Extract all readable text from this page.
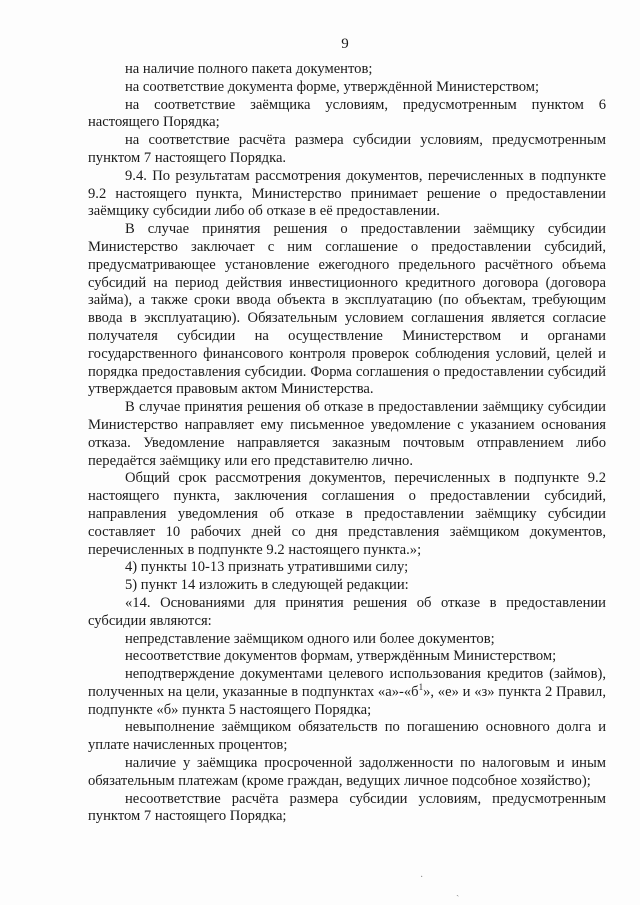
9

на наличие полного пакета документов;

на соответствие документа форме, утверждённой Министерством;

на соответствие заёмщика условиям, предусмотренным пунктом 6 настоящего Порядка;

на соответствие расчёта размера субсидии условиям, предусмотренным пунктом 7 настоящего Порядка.

9.4. По результатам рассмотрения документов, перечисленных в подпункте 9.2 настоящего пункта, Министерство принимает решение о предоставлении заёмщику субсидии либо об отказе в её предоставлении.

В случае принятия решения о предоставлении заёмщику субсидии Министерство заключает с ним соглашение о предоставлении субсидий, предусматривающее установление ежегодного предельного расчётного объема субсидий на период действия инвестиционного кредитного договора (договора займа), а также сроки ввода объекта в эксплуатацию (по объектам, требующим ввода в эксплуатацию). Обязательным условием соглашения является согласие получателя субсидии на осуществление Министерством и органами государственного финансового контроля проверок соблюдения условий, целей и порядка предоставления субсидии. Форма соглашения о предоставлении субсидий утверждается правовым актом Министерства.

В случае принятия решения об отказе в предоставлении заёмщику субсидии Министерство направляет ему письменное уведомление с указанием основания отказа. Уведомление направляется заказным почтовым отправлением либо передаётся заёмщику или его представителю лично.

Общий срок рассмотрения документов, перечисленных в подпункте 9.2 настоящего пункта, заключения соглашения о предоставлении субсидий, направления уведомления об отказе в предоставлении заёмщику субсидии составляет 10 рабочих дней со дня представления заёмщиком документов, перечисленных в подпункте 9.2 настоящего пункта.»;

4) пункты 10-13 признать утратившими силу;

5) пункт 14 изложить в следующей редакции:

«14. Основаниями для принятия решения об отказе в предоставлении субсидии являются:

непредставление заёмщиком одного или более документов;

несоответствие документов формам, утверждённым Министерством;

неподтверждение документами целевого использования кредитов (займов), полученных на цели, указанные в подпунктах «$а»-«б^1$», «е» и «з» пункта 2 Правил, подпункте «б» пункта 5 настоящего Порядка;

невыполнение заёмщиком обязательств по погашению основного долга и уплате начисленных процентов;

наличие у заёмщика просроченной задолженности по налоговым и иным обязательным платежам (кроме граждан, ведущих личное подсобное хозяйство);

несоответствие расчёта размера субсидии условиям, предусмотренным пунктом 7 настоящего Порядка;

·
ˎ
